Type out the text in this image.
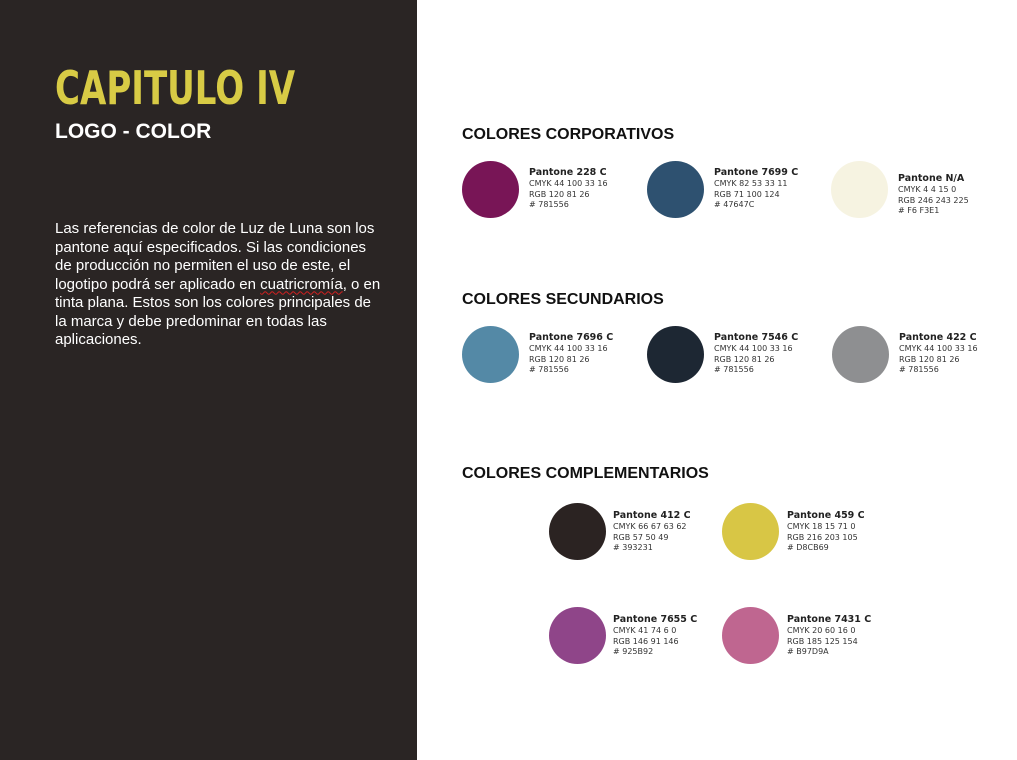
CAPITULO IV
LOGO - COLOR

Las referencias de color de Luz de Luna son los pantone aquí especificados. Si las condiciones de producción no permiten el uso de este, el logotipo podrá ser aplicado en cuatricromía, o en tinta plana. Estos son los colores principales de la marca y debe predominar en todas las aplicaciones.

COLORES CORPORATIVOS
Pantone 228 C
CMYK 44 100 33 16
RGB 120 81 26
# 781556
Pantone 7699 C
CMYK 82 53 33 11
RGB 71 100 124
# 47647C
Pantone N/A
CMYK 4 4 15 0
RGB 246 243 225
# F6 F3E1
COLORES SECUNDARIOS
Pantone 7696 C
CMYK 44 100 33 16
RGB 120 81 26
# 781556
Pantone 7546 C
CMYK 44 100 33 16
RGB 120 81 26
# 781556
Pantone 422 C
CMYK 44 100 33 16
RGB 120 81 26
# 781556
COLORES COMPLEMENTARIOS
Pantone 412 C
CMYK 66 67 63 62
RGB 57 50 49
# 393231
Pantone 459 C
CMYK 18 15 71 0
RGB 216 203 105
# D8CB69
Pantone 7655 C
CMYK 41 74 6 0
RGB 146 91 146
# 925B92
Pantone 7431 C
CMYK 20 60 16 0
RGB 185 125 154
# B97D9A
